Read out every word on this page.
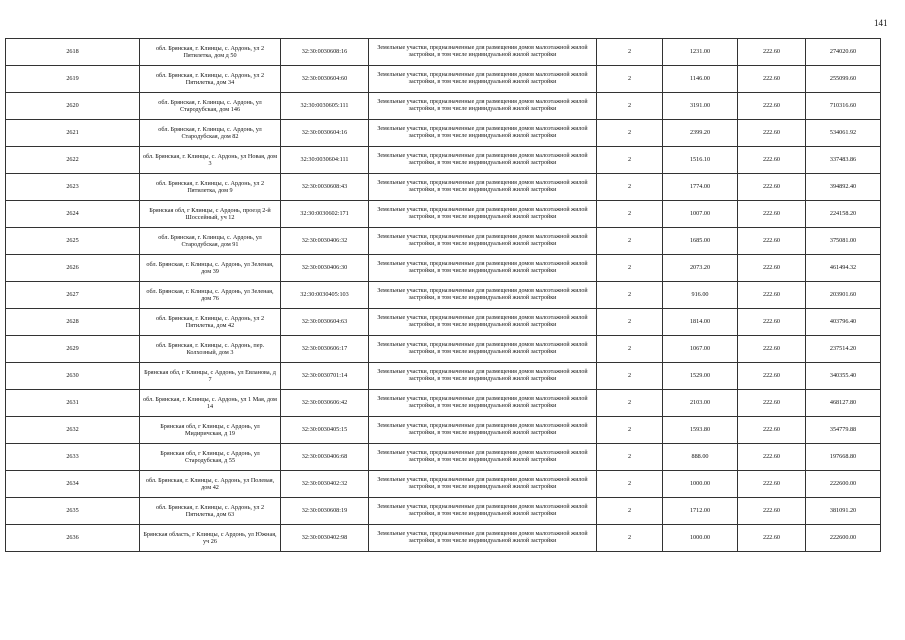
141
2618	обл. Брянская, г. Клинцы, с. Ардонь, ул 2 Пятилетка, дом д 50	32:30:0030608:16	Земельные участки, предназначенные для размещения домов малоэтажной жилой застройки, в том числе индивидуальной жилой застройки	2	1231.00	222.60	274020.60
2619	обл. Брянская, г. Клинцы, с. Ардонь, ул 2 Пятилетка, дом 34	32:30:0030604:60	Земельные участки, предназначенные для размещения домов малоэтажной жилой застройки, в том числе индивидуальной жилой застройки	2	1146.00	222.60	255099.60
2620	обл. Брянская, г. Клинцы, с. Ардонь, ул Стародубская, дом 146	32:30:0030605:111	Земельные участки, предназначенные для размещения домов малоэтажной жилой застройки, в том числе индивидуальной жилой застройки	2	3191.00	222.60	710316.60
2621	обл. Брянская, г. Клинцы, с. Ардонь, ул Стародубская, дом 82	32:30:0030604:16	Земельные участки, предназначенные для размещения домов малоэтажной жилой застройки, в том числе индивидуальной жилой застройки	2	2399.20	222.60	534061.92
2622	обл. Брянская, г. Клинцы, с. Ардонь, ул Новая, дом 3	32:30:0030604:111	Земельные участки, предназначенные для размещения домов малоэтажной жилой застройки, в том числе индивидуальной жилой застройки	2	1516.10	222.60	337483.86
2623	обл. Брянская, г. Клинцы, с. Ардонь, ул 2 Пятилетка, дом 9	32:30:0030608:43	Земельные участки, предназначенные для размещения домов малоэтажной жилой застройки, в том числе индивидуальной жилой застройки	2	1774.00	222.60	394892.40
2624	Брянская обл, г Клинцы, с Ардонь, проезд 2-й Шоссейный, уч 12	32:30:0030602:171	Земельные участки, предназначенные для размещения домов малоэтажной жилой застройки, в том числе индивидуальной жилой застройки	2	1007.00	222.60	224158.20
2625	обл. Брянская, г. Клинцы, с. Ардонь, ул Стародубская, дом 91	32:30:0030406:32	Земельные участки, предназначенные для размещения домов малоэтажной жилой застройки, в том числе индивидуальной жилой застройки	2	1685.00	222.60	375081.00
2626	обл. Брянская, г. Клинцы, с. Ардонь, ул Зеленая, дом 39	32:30:0030406:30	Земельные участки, предназначенные для размещения домов малоэтажной жилой застройки, в том числе индивидуальной жилой застройки	2	2073.20	222.60	461494.32
2627	обл. Брянская, г. Клинцы, с. Ардонь, ул Зеленая, дом 76	32:30:0030405:103	Земельные участки, предназначенные для размещения домов малоэтажной жилой застройки, в том числе индивидуальной жилой застройки	2	916.00	222.60	203901.60
2628	обл. Брянская, г. Клинцы, с. Ардонь, ул 2 Пятилетка, дом 42	32:30:0030604:63	Земельные участки, предназначенные для размещения домов малоэтажной жилой застройки, в том числе индивидуальной жилой застройки	2	1814.00	222.60	403796.40
2629	обл. Брянская, г. Клинцы, с. Ардонь, пер. Колхозный, дом 3	32:30:0030606:17	Земельные участки, предназначенные для размещения домов малоэтажной жилой застройки, в том числе индивидуальной жилой застройки	2	1067.00	222.60	237514.20
2630	Брянская обл, г Клинцы, с Ардонь, ул Евланова, д 7	32:30:0030701:14	Земельные участки, предназначенные для размещения домов малоэтажной жилой застройки, в том числе индивидуальной жилой застройки	2	1529.00	222.60	340355.40
2631	обл. Брянская, г. Клинцы, с. Ардонь, ул 1 Мая, дом 14	32:30:0030606:42	Земельные участки, предназначенные для размещения домов малоэтажной жилой застройки, в том числе индивидуальной жилой застройки	2	2103.00	222.60	468127.80
2632	Брянская обл, г Клинцы, с Ардонь, ул Мидиричская, д 19	32:30:0030405:15	Земельные участки, предназначенные для размещения домов малоэтажной жилой застройки, в том числе индивидуальной жилой застройки	2	1593.80	222.60	354779.88
2633	Брянская обл, г Клинцы, с Ардонь, ул Стародубская, д 55	32:30:0030406:68	Земельные участки, предназначенные для размещения домов малоэтажной жилой застройки, в том числе индивидуальной жилой застройки	2	888.00	222.60	197668.80
2634	обл. Брянская, г. Клинцы, с. Ардонь, ул Полевая, дом 42	32:30:0030402:32	Земельные участки, предназначенные для размещения домов малоэтажной жилой застройки, в том числе индивидуальной жилой застройки	2	1000.00	222.60	222600.00
2635	обл. Брянская, г. Клинцы, с. Ардонь, ул 2 Пятилетка, дом 63	32:30:0030608:19	Земельные участки, предназначенные для размещения домов малоэтажной жилой застройки, в том числе индивидуальной жилой застройки	2	1712.00	222.60	381091.20
2636	Брянская область, г Клинцы, с Ардонь, ул Южная, уч 26	32:30:0030402:98	Земельные участки, предназначенные для размещения домов малоэтажной жилой застройки, в том числе индивидуальной жилой застройки	2	1000.00	222.60	222600.00
